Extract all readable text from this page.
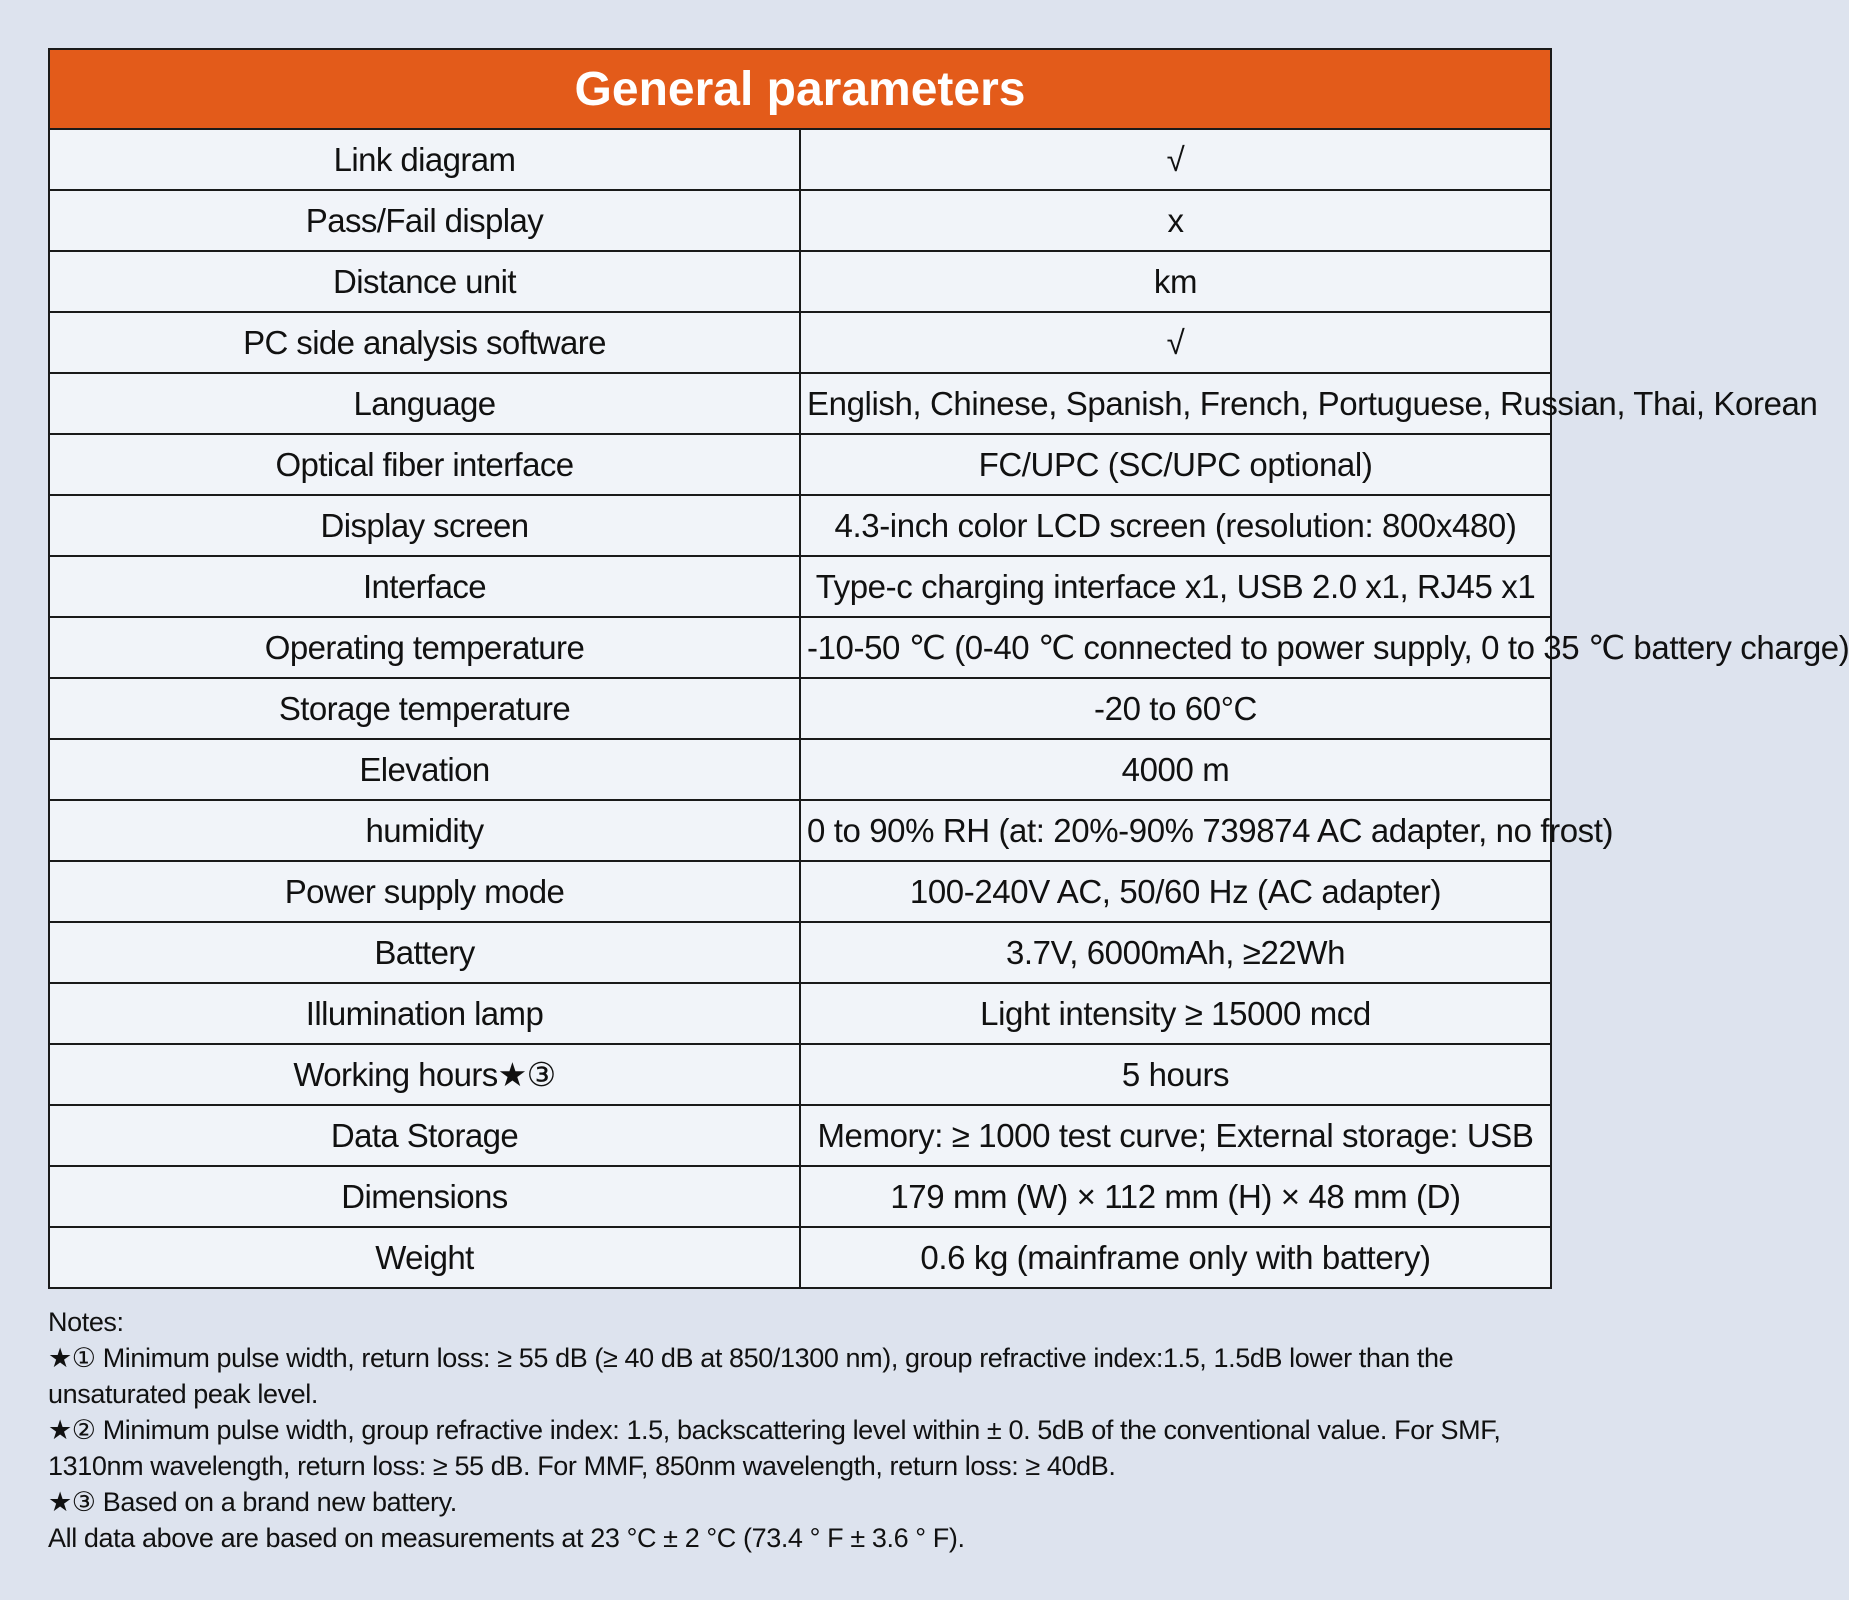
General parameters	
Link diagram	√
Pass/Fail display	x
Distance unit	km
PC side analysis software	√
Language	English, Chinese, Spanish, French, Portuguese, Russian, Thai, Korean
Optical fiber interface	FC/UPC (SC/UPC optional)
Display screen	4.3-inch color LCD screen (resolution: 800x480)
Interface	Type-c charging interface x1, USB 2.0 x1, RJ45 x1
Operating temperature	-10-50 ℃ (0-40 ℃ connected to power supply, 0 to 35 ℃ battery charge)
Storage temperature	-20 to 60°C
Elevation	4000 m
humidity	0 to 90% RH (at: 20%-90% 739874 AC adapter, no frost)
Power supply mode	100-240V AC, 50/60 Hz (AC adapter)
Battery	3.7V, 6000mAh, ≥22Wh
Illumination lamp	Light intensity ≥ 15000 mcd
Working hours★③	5 hours
Data Storage	Memory: ≥ 1000 test curve; External storage: USB
Dimensions	179 mm (W) × 112 mm (H) × 48 mm (D)
Weight	0.6 kg (mainframe only with battery)

Notes:

★① Minimum pulse width, return loss: ≥ 55 dB (≥ 40 dB at 850/1300 nm), group refractive index:1.5, 1.5dB lower than the unsaturated peak level.

★② Minimum pulse width, group refractive index: 1.5, backscattering level within ± 0. 5dB of the conventional value. For SMF, 1310nm wavelength, return loss: ≥ 55 dB. For MMF, 850nm wavelength, return loss: ≥ 40dB.

★③ Based on a brand new battery.

All data above are based on measurements at 23 °C ± 2 °C (73.4 ° F ± 3.6 ° F).
